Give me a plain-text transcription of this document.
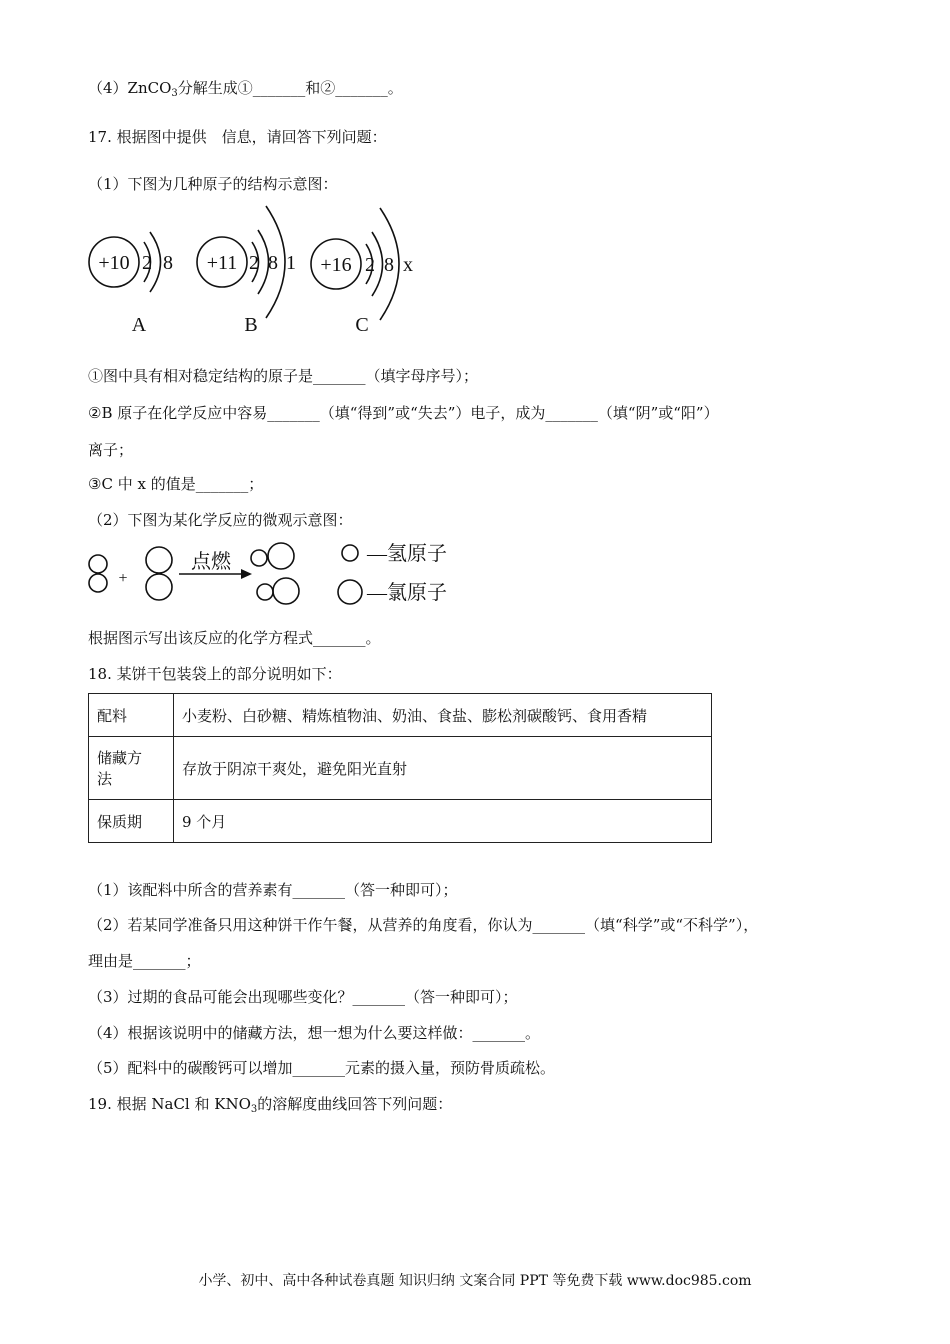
（4）ZnCO$_3$分解生成①_______和②_______。
17. 根据图中提供　信息，请回答下列问题：
（1）下图为几种原子的结构示意图：
+10 2 8
A
+11 2 8 1
B
+16 2 8 x
C
①图中具有相对稳定结构的原子是_______（填字母序号）；
②B 原子在化学反应中容易_______（填“得到”或“失去”）电子，成为_______（填“阴”或“阳”）
离子；
③C 中 x 的值是_______；
（2）下图为某化学反应的微观示意图：
+
点燃	—氢原子
—氯原子
根据图示写出该反应的化学方程式_______。
18. 某饼干包装袋上的部分说明如下：
配料	小麦粉、白砂糖、精炼植物油、奶油、食盐、膨松剂碳酸钙、食用香精
储藏方
法	存放于阴凉干爽处，避免阳光直射
保质期	9 个月
（1）该配料中所含的营养素有_______（答一种即可）；
（2）若某同学准备只用这种饼干作午餐，从营养的角度看，你认为_______（填“科学”或“不科学”），
理由是_______；
（3）过期的食品可能会出现哪些变化？_______（答一种即可）；
（4）根据该说明中的储藏方法，想一想为什么要这样做：_______。
（5）配料中的碳酸钙可以增加_______元素的摄入量，预防骨质疏松。
19. 根据 NaCl 和 $KNO_3$的溶解度曲线回答下列问题：
小学、初中、高中各种试卷真题 知识归纳 文案合同 PPT 等免费下载 www.doc985.com
